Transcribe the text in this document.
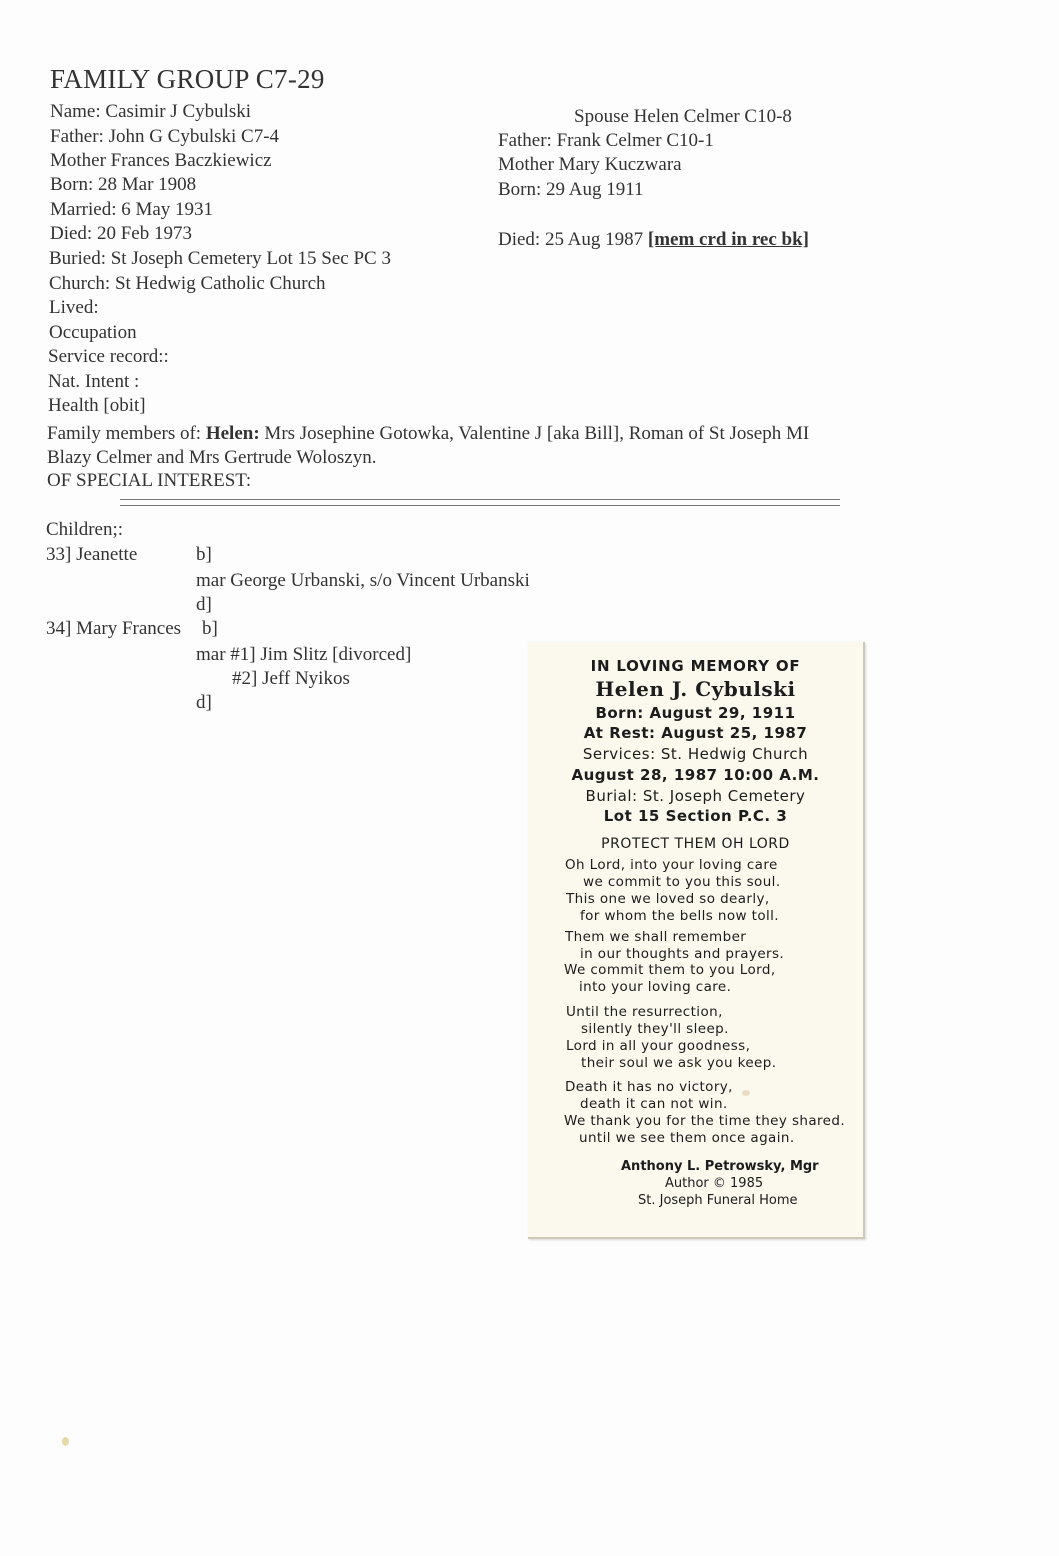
FAMILY GROUP C7-29
Name: Casimir J Cybulski
Father: John G Cybulski C7-4
Mother Frances Baczkiewicz
Born: 28 Mar 1908
Married: 6 May 1931
Died: 20 Feb 1973
Buried: St Joseph Cemetery Lot 15 Sec PC 3
Church: St Hedwig Catholic Church
Lived:
Occupation
Service record::
Nat. Intent :
Health [obit]
Spouse Helen Celmer C10-8
Father: Frank Celmer C10-1
Mother Mary Kuczwara
Born: 29 Aug 1911
Died: 25 Aug 1987 [mem crd in rec bk]
Family members of: Helen: Mrs Josephine Gotowka, Valentine J [aka Bill], Roman of St Joseph MI
Blazy Celmer and Mrs Gertrude Woloszyn.
OF SPECIAL INTEREST:
Children;:
33] Jeanette	b]
mar George Urbanski, s/o Vincent Urbanski
d]
34] Mary Frances b]
mar #1] Jim Slitz [divorced]
#2] Jeff Nyikos
d]
IN LOVING MEMORY OF
Helen J. Cybulski
Born: August 29, 1911
At Rest: August 25, 1987
Services: St. Hedwig Church
August 28, 1987 10:00 A.M.
Burial: St. Joseph Cemetery
Lot 15 Section P.C. 3
PROTECT THEM OH LORD
Oh Lord, into your loving care
we commit to you this soul.
This one we loved so dearly,
for whom the bells now toll.
Them we shall remember
in our thoughts and prayers.
We commit them to you Lord,
into your loving care.
Until the resurrection,
silently they'll sleep.
Lord in all your goodness,
their soul we ask you keep.
Death it has no victory,
death it can not win.
We thank you for the time they shared.
until we see them once again.
Anthony L. Petrowsky, Mgr
Author © 1985
St. Joseph Funeral Home
